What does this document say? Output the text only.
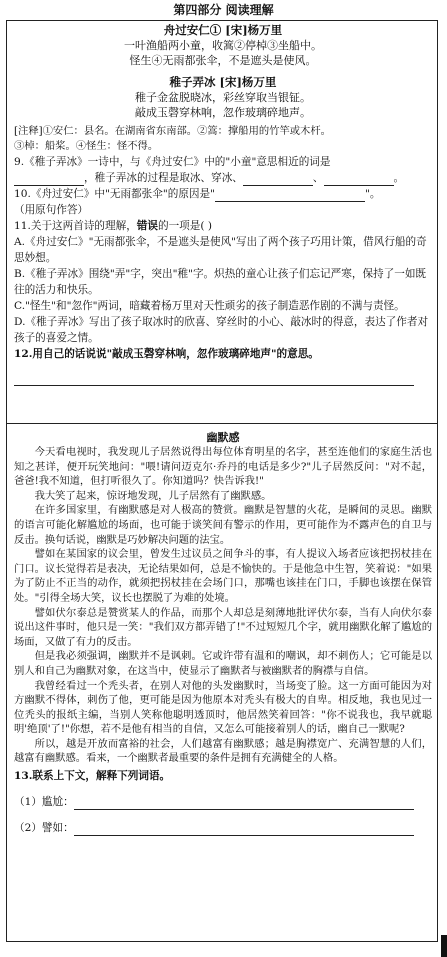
第四部分 阅读理解
舟过安仁① [宋]杨万里
一叶渔船两小童，收篙②停棹③坐船中。
怪生④无雨都张伞，不是遮头是使风。
稚子弄冰 [宋]杨万里
稚子金盆脱晓冰，彩丝穿取当银钲。
敲成玉磬穿林响，忽作玻璃碎地声。
[注释]①安仁：县名。在湖南省东南部。②篙：撑船用的竹竿或木杆。
③棹：船桨。④怪生：怪不得。
9.《稚子弄冰》一诗中，与《舟过安仁》中的"小童"意思相近的词是
，稚子弄冰的过程是取冰、穿冰、	、	。
10.《舟过安仁》中"无雨都张伞"的原因是"	"。
（用原句作答）
11.关于这两首诗的理解，错误的一项是( )
A.《舟过安仁》"无雨都张伞，不是遮头是使风"写出了两个孩子巧用计策，借风行船的奇思妙想。
B.《稚子弄冰》围绕"弄"字，突出"稚"字。炽热的童心让孩子们忘记严寒，保持了一如既往的活力和快乐。
C."怪生"和"忽作"两词，暗藏着杨万里对天性顽劣的孩子制造恶作剧的不满与责怪。
D.《稚子弄冰》写出了孩子取冰时的欣喜、穿丝时的小心、敲冰时的得意，表达了作者对孩子的喜爱之情。
12.用自己的话说说"敲成玉磬穿林响，忽作玻璃碎地声"的意思。
幽默感
今天看电视时，我发现儿子居然说得出每位体育明星的名字，甚至连他们的家庭生活也知之甚详，便开玩笑地问："喂!请问迈克尔·乔丹的电话是多少?"儿子居然反问："对不起，爸爸!我不知道，但打听很久了。你知道吗？快告诉我!"
我大笑了起来，惊讶地发现，儿子居然有了幽默感。
在许多国家里，有幽默感是对人极高的赞赏。幽默是智慧的火花，是瞬间的灵思。幽默的语言可能化解尴尬的场面，也可能于谈笑间有警示的作用，更可能作为不露声色的自卫与反击。换句话说，幽默是巧妙解决问题的法宝。
譬如在某国家的议会里，曾发生过议员之间争斗的事，有人提议入场者应该把拐杖挂在门口。议长觉得若是表决，无论结果如何，总是不愉快的。于是他急中生智，笑着说："如果为了防止不正当的动作，就须把拐杖挂在会场门口，那嘴也该挂在门口，手脚也该摆在保管处。"引得全场大笑，议长也摆脱了为难的处境。
譬如伏尔泰总是赞赏某人的作品，而那个人却总是刻薄地批评伏尔泰，当有人向伏尔泰说出这件事时，他只是一笑："我们双方都弄错了!"不过短短几个字，就用幽默化解了尴尬的场面，又做了有力的反击。
但是我必须强调，幽默并不是讽刺。它或许带有温和的嘲讽，却不刺伤人；它可能是以别人和自己为幽默对象，在这当中，使显示了幽默者与被幽默者的胸襟与自信。
我曾经看过一个秃头者，在别人对他的头发幽默时，当场变了脸。这一方面可能因为对方幽默不得体，刺伤了他，更可能是因为他原本对秃头有极大的自卑。相反地，我也见过一位秃头的报纸主编，当别人笑称他聪明透顶时，他居然笑着回答："你不说我也，我早就聪明'绝顶'了!"你想，若不是他有相当的自信，又怎么可能接着别人的话，幽自己一默呢?
所以，越是开放而富裕的社会，人们越富有幽默感；越是胸襟宽广、充满智慧的人们，越富有幽默感。看来，一个幽默者最重要的条件是拥有充满健全的人格。
13.联系上下文，解释下列词语。
（1）尴尬：
（2）譬如：
